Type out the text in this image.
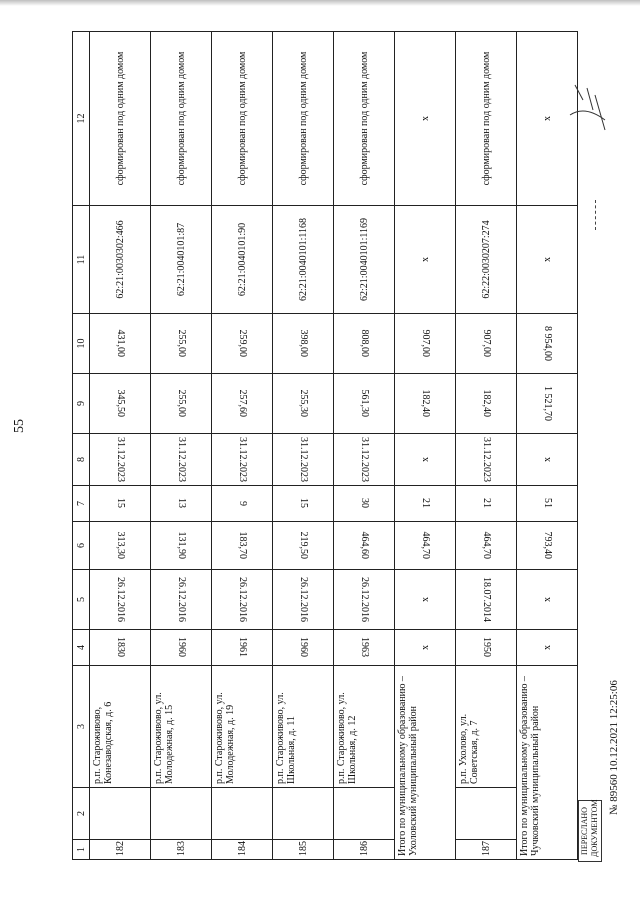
55
1	2	3	4	5	6	7	8	9	10	11	12
182		р.п. Староживово, Конезаводская, д. 6	1830	26.12.2016	313,30	15	31.12.2023	345,50	431,00	62:21:0030302:466	сформирован под одним домом
183		р.п. Староживово, ул. Молодежная, д. 15	1960	26.12.2016	131,90	13	31.12.2023	255,00	255,00	62:21:0040101:87	сформирован под одним домом
184		р.п. Староживово, ул. Молодежная, д. 19	1961	26.12.2016	183,70	9	31.12.2023	257,60	259,00	62:21:0040101:90	сформирован под одним домом
185		р.п. Староживово, ул. Школьная, д. 11	1960	26.12.2016	219,50	15	31.12.2023	255,30	398,00	62:21:0040101:1168	сформирован под одним домом
186		р.п. Староживово, ул. Школьная, д. 12	1963	26.12.2016	464,60	30	31.12.2023	561,30	808,00	62:21:0040101:1169	сформирован под одним домом
Итого по муниципальному образованию – Ухоловский муниципальный район			х	х	464,70	21	х	182,40	907,00	х	х
187		р.п. Ухолово, ул. Советская, д. 7	1950	18.07.2014	464,70	21	31.12.2023	182,40	907,00	62:22:0030207:274	сформирован под одним домом
Итого по муниципальному образованию – Чучковский муниципальный район			х	х	793,40	51	х	1 521,70	8 954,00	х	х
ПЕРЕСЛАНО ДОКУМЕНТОМ
№ 89560 10.12.2021 12:25:06
